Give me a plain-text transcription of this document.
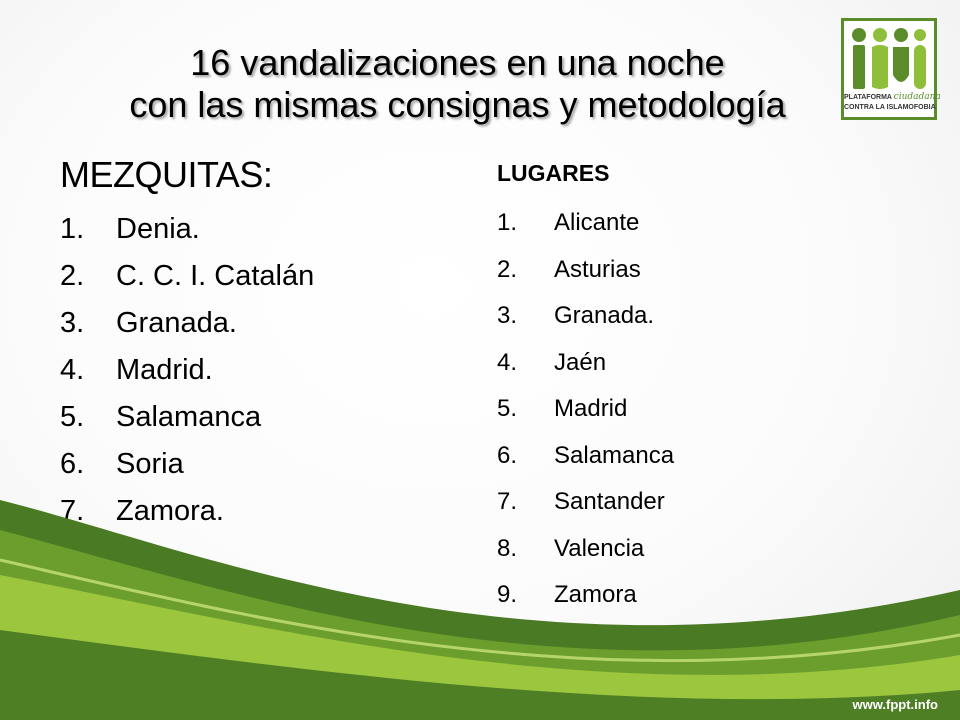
16 vandalizaciones en una noche
con las mismas consignas y metodología	PLATAFORMA ciudadana
CONTRA LA ISLAMOFOBIA
MEZQUITAS:
1. Denia.
2. C. C. I. Catalán
3. Granada.
4. Madrid.
5. Salamanca
6. Soria
7. Zamora.
LUGARES
1. Alicante
2. Asturias
3. Granada.
4. Jaén
5. Madrid
6. Salamanca
7. Santander
8. Valencia
9. Zamora
www.fppt.info
